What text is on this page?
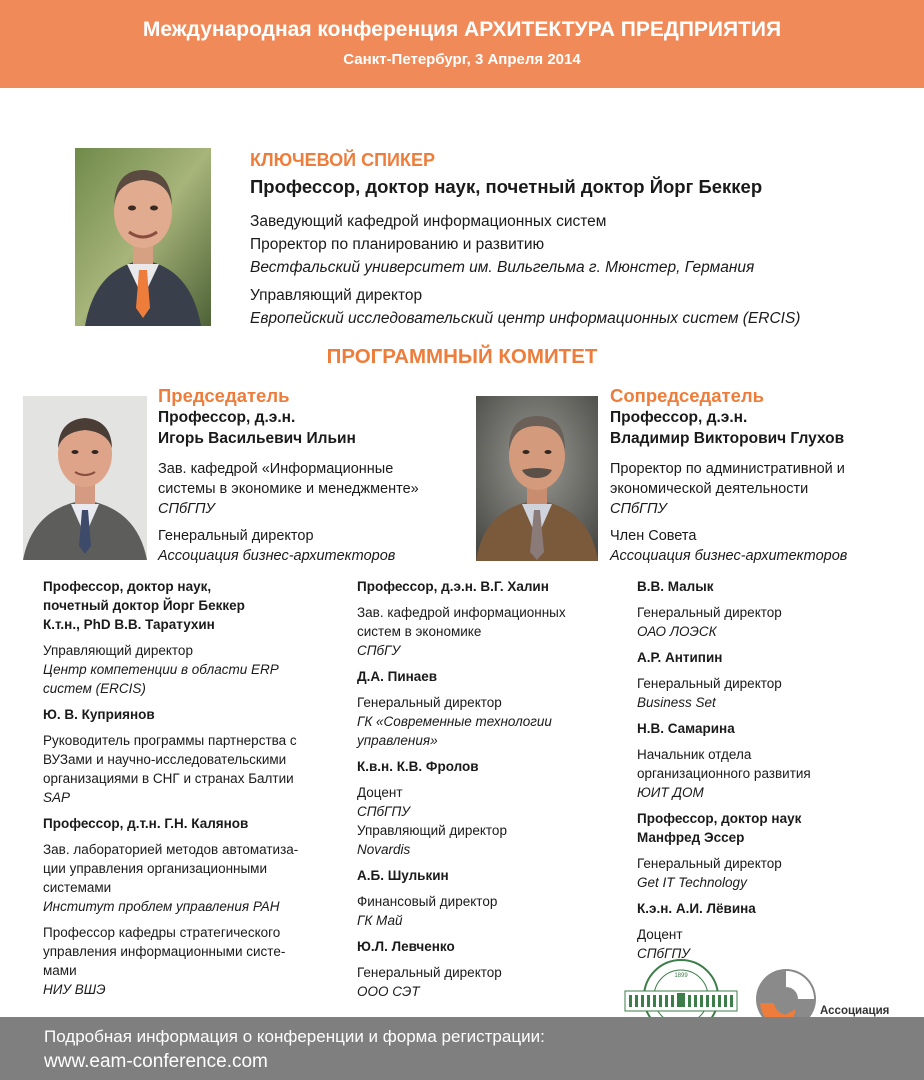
Международная конференция АРХИТЕКТУРА ПРЕДПРИЯТИЯ
Санкт-Петербург, 3 Апреля 2014
КЛЮЧЕВОЙ СПИКЕР
Профессор, доктор наук, почетный доктор Йорг Беккер
Заведующий кафедрой информационных систем
Проректор по планированию и развитию
Вестфальский университет им. Вильгельма г. Мюнстер, Германия
Управляющий директор
Европейский исследовательский центр информационных систем (ERCIS)
ПРОГРАММНЫЙ КОМИТЕТ
Председатель
Профессор, д.э.н.
Игорь Васильевич Ильин
Зав. кафедрой «Информационные
системы в экономике и менеджменте»
СПбГПУ
Генеральный директор
Ассоциация бизнес-архитекторов
Сопредседатель
Профессор, д.э.н.
Владимир Викторович Глухов
Проректор по административной и
экономической деятельности
СПбГПУ
Член Совета
Ассоциация бизнес-архитекторов
Профессор, доктор наук,
почетный доктор Йорг Беккер
К.т.н., PhD В.В. Таратухин
Управляющий директор
Центр компетенции в области ERP
систем (ERCIS)
Ю. В. Куприянов
Руководитель программы партнерства с
ВУЗами и научно-исследовательскими
организациями в СНГ и странах Балтии
SAP
Профессор, д.т.н. Г.Н. Калянов
Зав. лабораторией методов автоматиза-
ции управления организационными
системами
Институт проблем управления РАН
Профессор кафедры стратегического
управления информационными систе-
мами
НИУ ВШЭ
Профессор, д.э.н. В.Г. Халин
Зав. кафедрой информационных
систем в экономике
СПбГУ
Д.А. Пинаев
Генеральный директор
ГК «Современные технологии
управления»
К.в.н. К.В. Фролов
Доцент
СПбГПУ
Управляющий директор
Novardis
А.Б. Шулькин
Финансовый директор
ГК Май
Ю.Л. Левченко
Генеральный директор
ООО СЭТ
В.В. Малык
Генеральный директор
ОАО ЛОЭСК
А.Р. Антипин
Генеральный директор
Business Set
Н.В. Самарина
Начальник отдела
организационного развития
ЮИТ ДОМ
Профессор, доктор наук
Манфред Эссер
Генеральный директор
Get IT Technology
К.э.н. А.И. Лёвина
Доцент
СПбГПУ
1899
Ассоциация
Подробная информация о конференции и форма регистрации:
www.eam-conference.com
